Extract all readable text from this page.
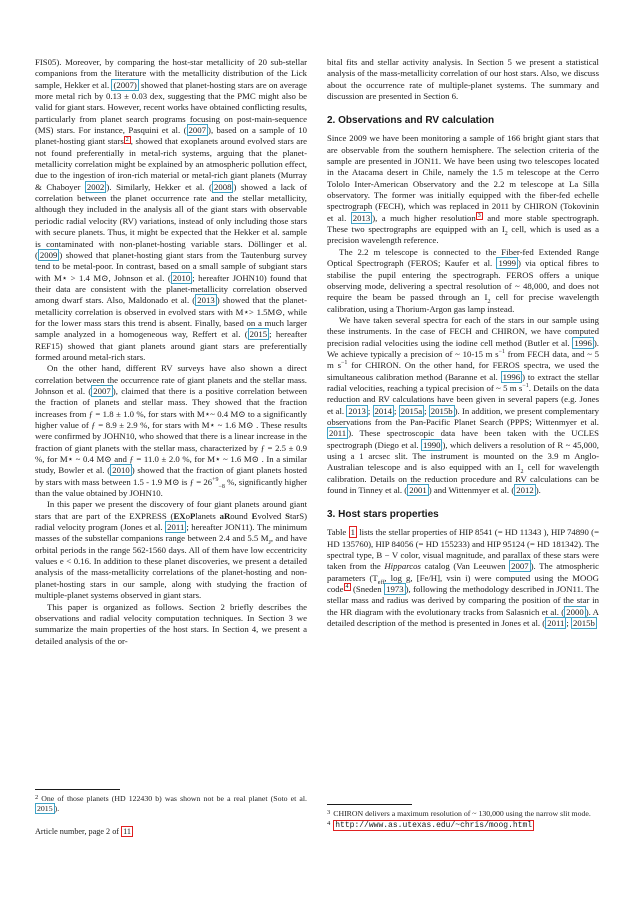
FIS05). Moreover, by comparing the host-star metallicity of 20 sub-stellar companions from the literature with the metallicity distribution of the Lick sample, Hekker et al. (2007) showed that planet-hosting stars are on average more metal rich by 0.13 ± 0.03 dex, suggesting that the PMC might also be valid for giant stars. However, recent works have obtained conflicting results, particularly from planet search programs focusing on post-main-sequence (MS) stars. For instance, Pasquini et al. ( 2007 ), based on a sample of 10 planet-hosting giant stars $^2$ , showed that exoplanets around evolved stars are not found preferentially in metal-rich systems, arguing that the planet-metallicity correlation might be explained by an atmospheric pollution effect, due to the ingestion of iron-rich material or metal-rich giant planets (Murray & Chaboyer 2002 ). Similarly, Hekker et al. ( 2008 ) showed a lack of correlation between the planet occurrence rate and the stellar metallicity, although they included in the analysis all of the giant stars with observable periodic radial velocity (RV) variations, instead of only including those stars with secure planets. Thus, it might be expected that the Hekker et al. sample is contaminated with non-planet-hosting variable stars. Döllinger et al. ( 2009 ) showed that planet-hosting giant stars from the Tautenburg survey tend to be metal-poor. In contrast, based on a small sample of subgiant stars with M⋆ > 1.4 M⊙, Johnson et al. ( 2010 ; hereafter JOHN10) found that their data are consistent with the planet-metallicity correlation observed among dwarf stars. Also, Maldonado et al. ( 2013 ) showed that the planet-metallicity correlation is observed in evolved stars with M⋆> 1.5M⊙, while for the lower mass stars this trend is absent. Finally, based on a much larger sample analyzed in a homogeneous way, Reffert et al. ( 2015 ; hereafter REF15) showed that giant planets around giant stars are preferentially formed around metal-rich stars.

On the other hand, different RV surveys have also shown a direct correlation between the occurrence rate of giant planets and the stellar mass. Johnson et al. ( 2007 ), claimed that there is a positive correlation between the fraction of planets and stellar mass. They showed that the fraction increases from ƒ = 1.8 ± 1.0 %, for stars with M⋆~ 0.4 M⊙ to a significantly higher value of ƒ = 8.9 ± 2.9 %, for stars with M⋆ ~ 1.6 M⊙ . These results were confirmed by JOHN10, who showed that there is a linear increase in the fraction of giant planets with the stellar mass, characterized by ƒ = 2.5 ± 0.9 %, for M⋆ ~ 0.4 M⊙ and ƒ = 11.0 ± 2.0 %, for M⋆ ~ 1.6 M⊙ . In a similar study, Bowler et al. ( 2010 ) showed that the fraction of giant planets hosted by stars with mass between 1.5 - 1.9 M⊙ is ƒ = $26^{+9}_{-8}$ %, significantly higher than the value obtained by JOHN10.

In this paper we present the discovery of four giant planets around giant stars that are part of the EXPRESS (EXoPlanets aRound Evolved StarS) radial velocity program (Jones et al. 2011 ; hereafter JON11). The minimum masses of the substellar companions range between 2.4 and 5.5 $M_J$, and have orbital periods in the range 562-1560 days. All of them have low eccentricity values e < 0.16. In addition to these planet discoveries, we present a detailed analysis of the mass-metallicity correlations of the planet-hosting and non-planet-hosting stars in our sample, along with studying the fraction of multiple-planet systems observed in giant stars.

This paper is organized as follows. Section 2 briefly describes the observations and radial velocity computation techniques. In Section 3 we summarize the main properties of the host stars. In Section 4, we present a detailed analysis of the or-

$^2$ One of those planets (HD 122430 b) was shown not be a real planet (Soto et al. 2015 ).

Article number, page 2 of 11

bital fits and stellar activity analysis. In Section 5 we present a statistical analysis of the mass-metallicity correlation of our host stars. Also, we discuss about the occurrence rate of multiple-planet systems. The summary and discussion are presented in Section 6.

2. Observations and RV calculation

Since 2009 we have been monitoring a sample of 166 bright giant stars that are observable from the southern hemisphere. The selection criteria of the sample are presented in JON11. We have been using two telescopes located in the Atacama desert in Chile, namely the 1.5 m telescope at the Cerro Tololo Inter-American Observatory and the 2.2 m telescope at La Silla observatory. The former was initially equipped with the fiber-fed echelle spectrograph (FECH), which was replaced in 2011 by CHIRON (Tokovinin et al. 2013 ), a much higher resolution $^3$ and more stable spectrograph. These two spectrographs are equipped with an $I_2$ cell, which is used as a precision wavelength reference.

The 2.2 m telescope is connected to the Fiber-fed Extended Range Optical Spectrograph (FEROS; Kaufer et al. 1999 ) via optical fibres to stabilise the pupil entering the spectrograph. FEROS offers a unique observing mode, delivering a spectral resolution of ~ 48,000, and does not require the beam be passed through an $I_2$ cell for precise wavelength calibration, using a Thorium-Argon gas lamp instead.

We have taken several spectra for each of the stars in our sample using these instruments. In the case of FECH and CHIRON, we have computed precision radial velocities using the iodine cell method (Butler et al. 1996 ). We achieve typically a precision of ~ 10-15 m $s^{-1}$ from FECH data, and ~ 5 m $s^{-1}$ for CHIRON. On the other hand, for FEROS spectra, we used the simultaneous calibration method (Baranne et al. 1996 ) to extract the stellar radial velocities, reaching a typical precision of ~ 5 m $s^{-1}$. Details on the data reduction and RV calculations have been given in several papers (e.g. Jones et al. 2013 ; 2014 ; 2015a ; 2015b ). In addition, we present complementary observations from the Pan-Pacific Planet Search (PPPS; Wittenmyer et al. 2011 ). These spectroscopic data have been taken with the UCLES spectrograph (Diego et al. 1990 ), which delivers a resolution of R ~ 45,000, using a 1 arcsec slit. The instrument is mounted on the 3.9 m Anglo-Australian telescope and is also equipped with an $I_2$ cell for wavelength calibration. Details on the reduction procedure and RV calculations can be found in Tinney et al. ( 2001 ) and Wittenmyer et al. ( 2012 ).

3. Host stars properties

Table 1 lists the stellar properties of HIP 8541 (= HD 11343 ), HIP 74890 (= HD 135760), HIP 84056 (= HD 155233) and HIP 95124 (= HD 181342). The spectral type, B − V color, visual magnitude, and parallax of these stars were taken from the Hipparcos catalog (Van Leeuwen 2007 ). The atmospheric parameters ($T_{eff}$, log g, [Fe/H], vsin i) were computed using the MOOG code $^4$ (Sneden 1973 ), following the methodology described in JON11. The stellar mass and radius was derived by comparing the position of the star in the HR diagram with the evolutionary tracks from Salasnich et al. ( 2000 ). A detailed description of the method is presented in Jones et al. ( 2011 ; 2015b

$^3$ CHIRON delivers a maximum resolution of ~ 130,000 using the narrow slit mode.

$^4$ http://www.as.utexas.edu/~chris/moog.html
